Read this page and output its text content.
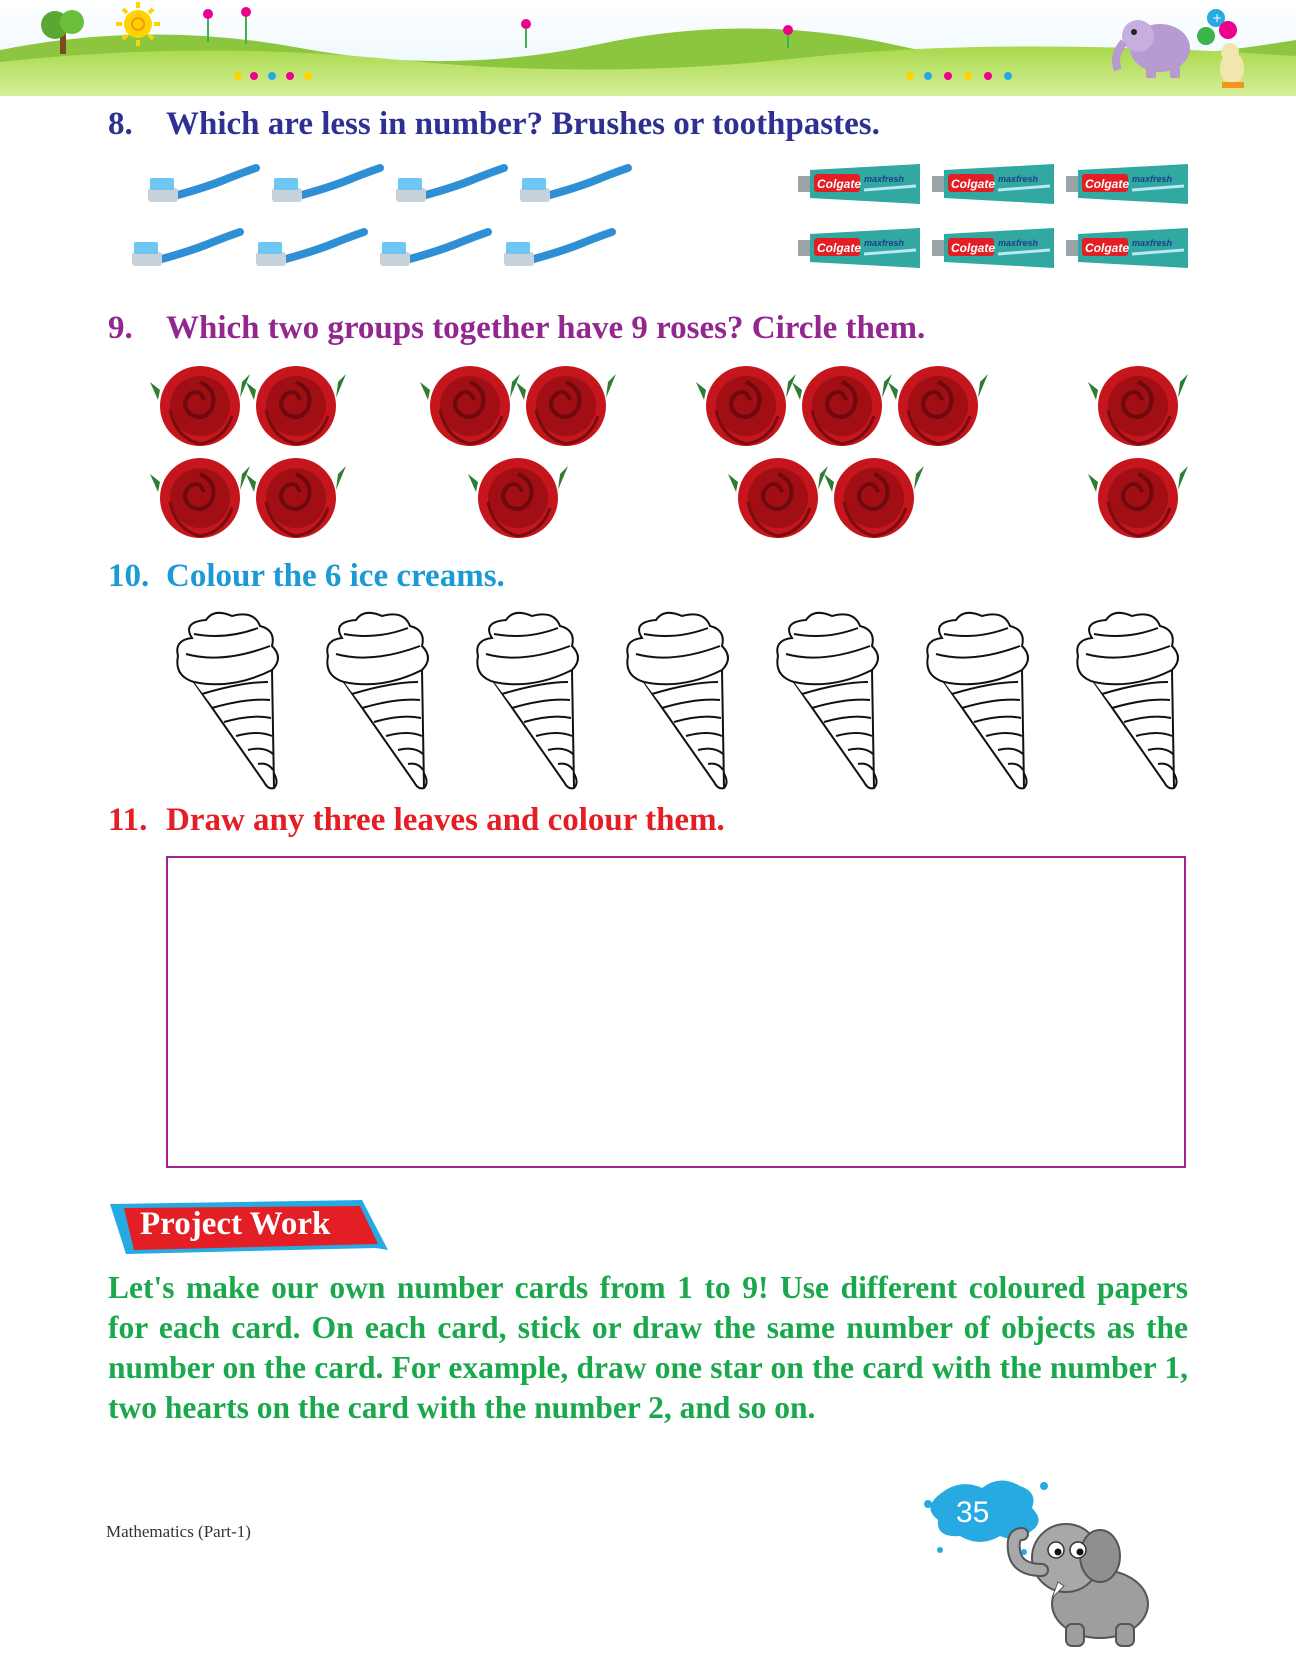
+
8. Which are less in number? Brushes or toothpastes.
9. Which two groups together have 9 roses? Circle them.
10. Colour the 6 ice creams.
11. Draw any three leaves and colour them.
Project Work
Let's make our own number cards from 1 to 9! Use different coloured papers for each card. On each card, stick or draw the same number of objects as the number on the card. For example, draw one star on the card with the number 1, two hearts on the card with the number 2, and so on.
Mathematics (Part-1)
35
